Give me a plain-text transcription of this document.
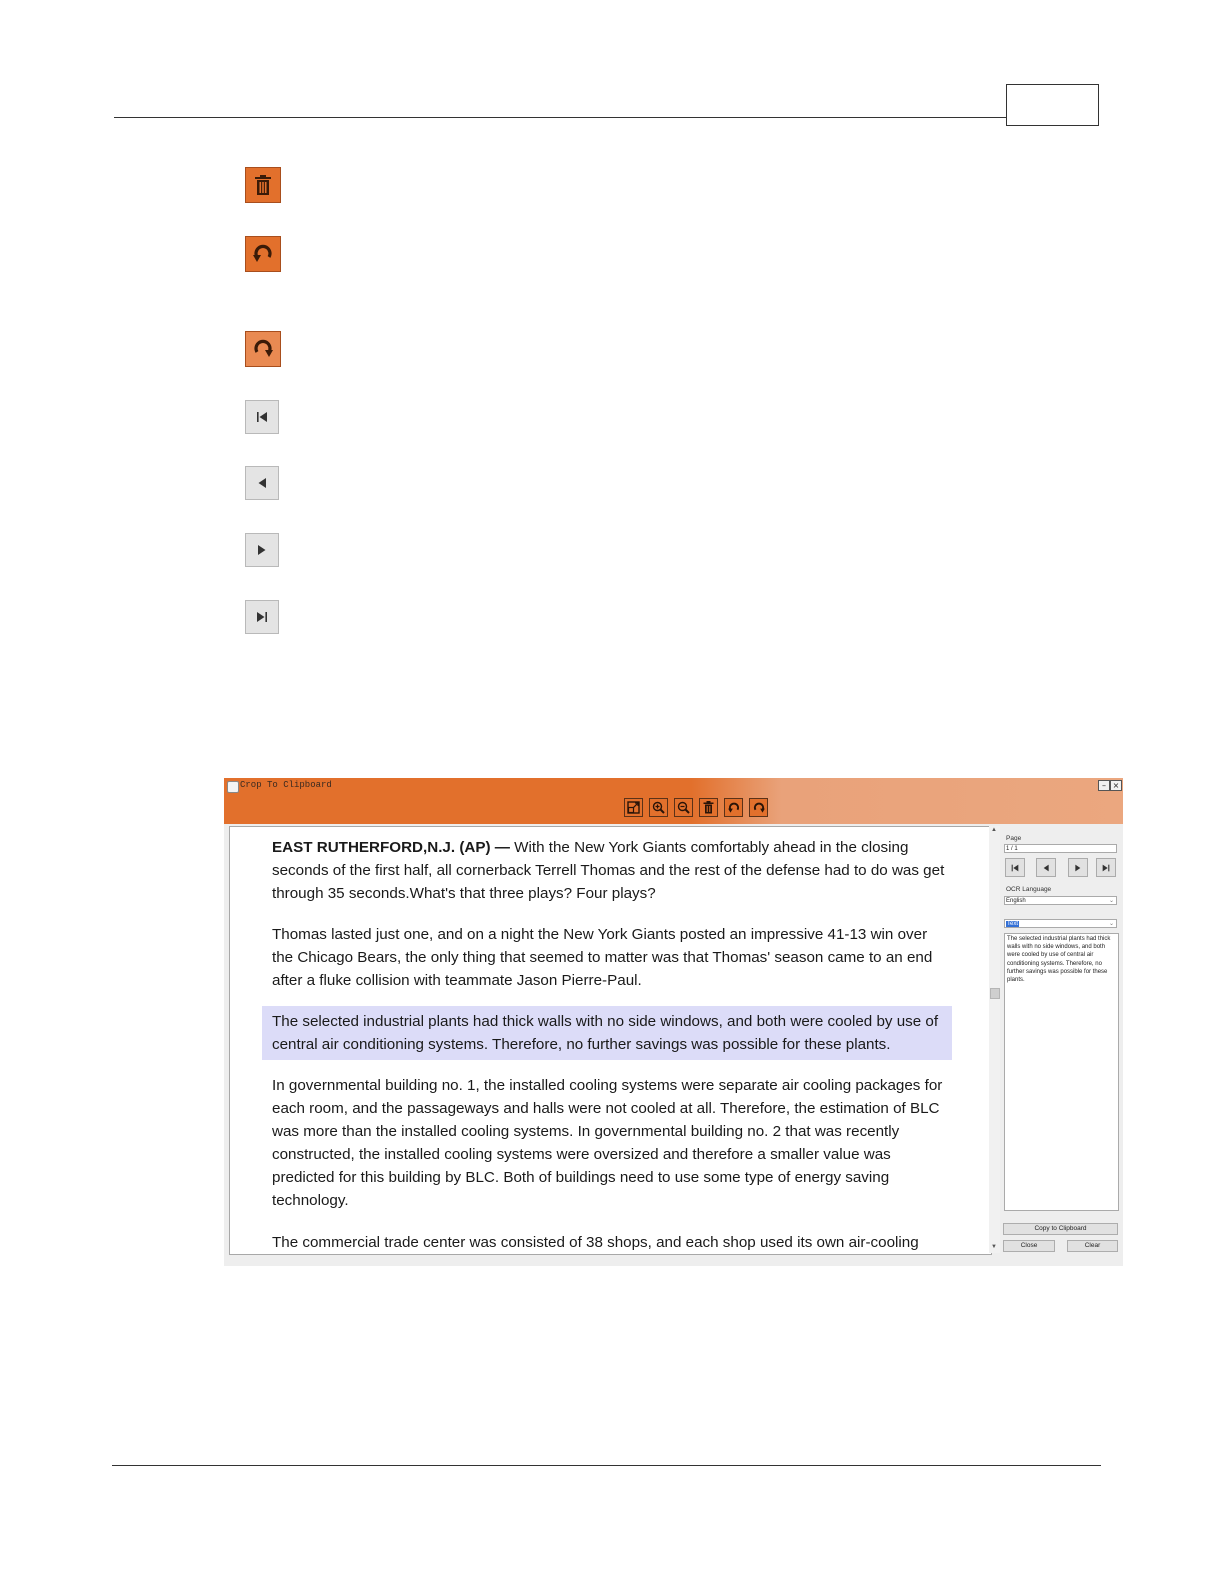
Crop To Clipboard	– ×

EAST RUTHERFORD,N.J. (AP) — With the New York Giants comfortably ahead in the closing seconds of the first half, all cornerback Terrell Thomas and the rest of the defense had to do was get through 35 seconds.What's that three plays? Four plays?

Thomas lasted just one, and on a night the New York Giants posted an impressive 41-13 win over the Chicago Bears, the only thing that seemed to matter was that Thomas' season came to an end after a fluke collision with teammate Jason Pierre-Paul.

The selected industrial plants had thick walls with no side windows, and both were cooled by use of central air conditioning systems. Therefore, no further savings was possible for these plants.

In governmental building no. 1, the installed cooling systems were separate air cooling packages for each room, and the passageways and halls were not cooled at all. Therefore, the estimation of BLC was more than the installed cooling systems. In governmental building no. 2 that was recently constructed, the installed cooling systems were oversized and therefore a smaller value was predicted for this building by BLC. Both of buildings need to use some type of energy saving technology.

The commercial trade center was consisted of 38 shops, and each shop used its own air-cooling

▲
▼
Page
1 / 1
OCR Language
English	⌄
Text	⌄
The selected industrial plants had thick walls with no side windows, and both were cooled by use of central air conditioning systems. Therefore, no further savings was possible for these plants.
Copy to Clipboard
Close	Clear
